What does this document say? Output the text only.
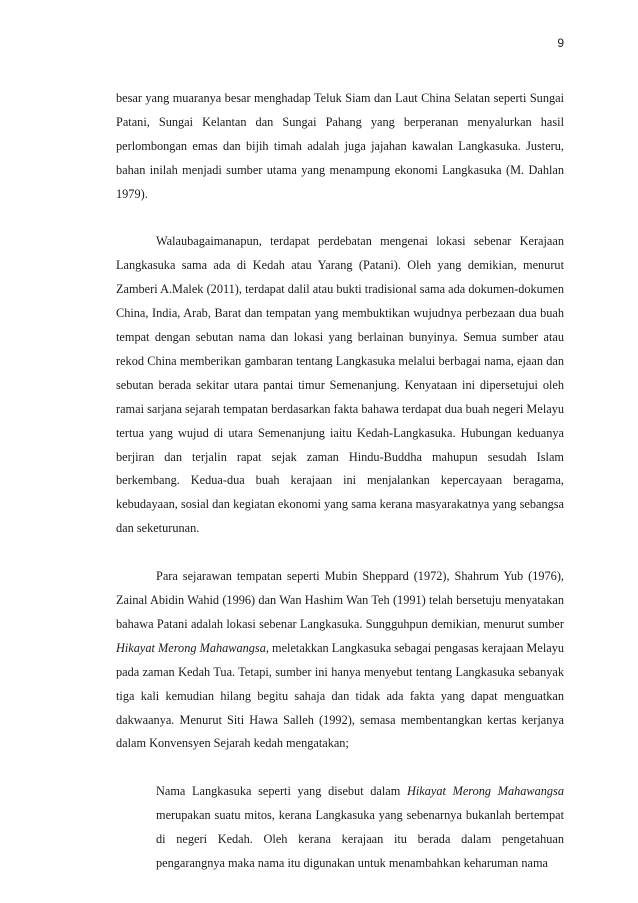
9

besar yang muaranya besar menghadap Teluk Siam dan Laut China Selatan seperti Sungai Patani, Sungai Kelantan dan Sungai Pahang yang berperanan menyalurkan hasil perlombongan emas dan bijih timah adalah juga jajahan kawalan Langkasuka. Justeru, bahan inilah menjadi sumber utama yang menampung ekonomi Langkasuka (M. Dahlan 1979).

Walaubagaimanapun, terdapat perdebatan mengenai lokasi sebenar Kerajaan Langkasuka sama ada di Kedah atau Yarang (Patani). Oleh yang demikian, menurut Zamberi A.Malek (2011), terdapat dalil atau bukti tradisional sama ada dokumen-dokumen China, India, Arab, Barat dan tempatan yang membuktikan wujudnya perbezaan dua buah tempat dengan sebutan nama dan lokasi yang berlainan bunyinya. Semua sumber atau rekod China memberikan gambaran tentang Langkasuka melalui berbagai nama, ejaan dan sebutan berada sekitar utara pantai timur Semenanjung. Kenyataan ini dipersetujui oleh ramai sarjana sejarah tempatan berdasarkan fakta bahawa terdapat dua buah negeri Melayu tertua yang wujud di utara Semenanjung iaitu Kedah-Langkasuka. Hubungan keduanya berjiran dan terjalin rapat sejak zaman Hindu-Buddha mahupun sesudah Islam berkembang. Kedua-dua buah kerajaan ini menjalankan kepercayaan beragama, kebudayaan, sosial dan kegiatan ekonomi yang sama kerana masyarakatnya yang sebangsa dan seketurunan.

Para sejarawan tempatan seperti Mubin Sheppard (1972), Shahrum Yub (1976), Zainal Abidin Wahid (1996) dan Wan Hashim Wan Teh (1991) telah bersetuju menyatakan bahawa Patani adalah lokasi sebenar Langkasuka. Sungguhpun demikian, menurut sumber Hikayat Merong Mahawangsa, meletakkan Langkasuka sebagai pengasas kerajaan Melayu pada zaman Kedah Tua. Tetapi, sumber ini hanya menyebut tentang Langkasuka sebanyak tiga kali kemudian hilang begitu sahaja dan tidak ada fakta yang dapat menguatkan dakwaanya. Menurut Siti Hawa Salleh (1992), semasa membentangkan kertas kerjanya dalam Konvensyen Sejarah kedah mengatakan;

Nama Langkasuka seperti yang disebut dalam Hikayat Merong Mahawangsa merupakan suatu mitos, kerana Langkasuka yang sebenarnya bukanlah bertempat di negeri Kedah. Oleh kerana kerajaan itu berada dalam pengetahuan pengarangnya maka nama itu digunakan untuk menambahkan keharuman nama
